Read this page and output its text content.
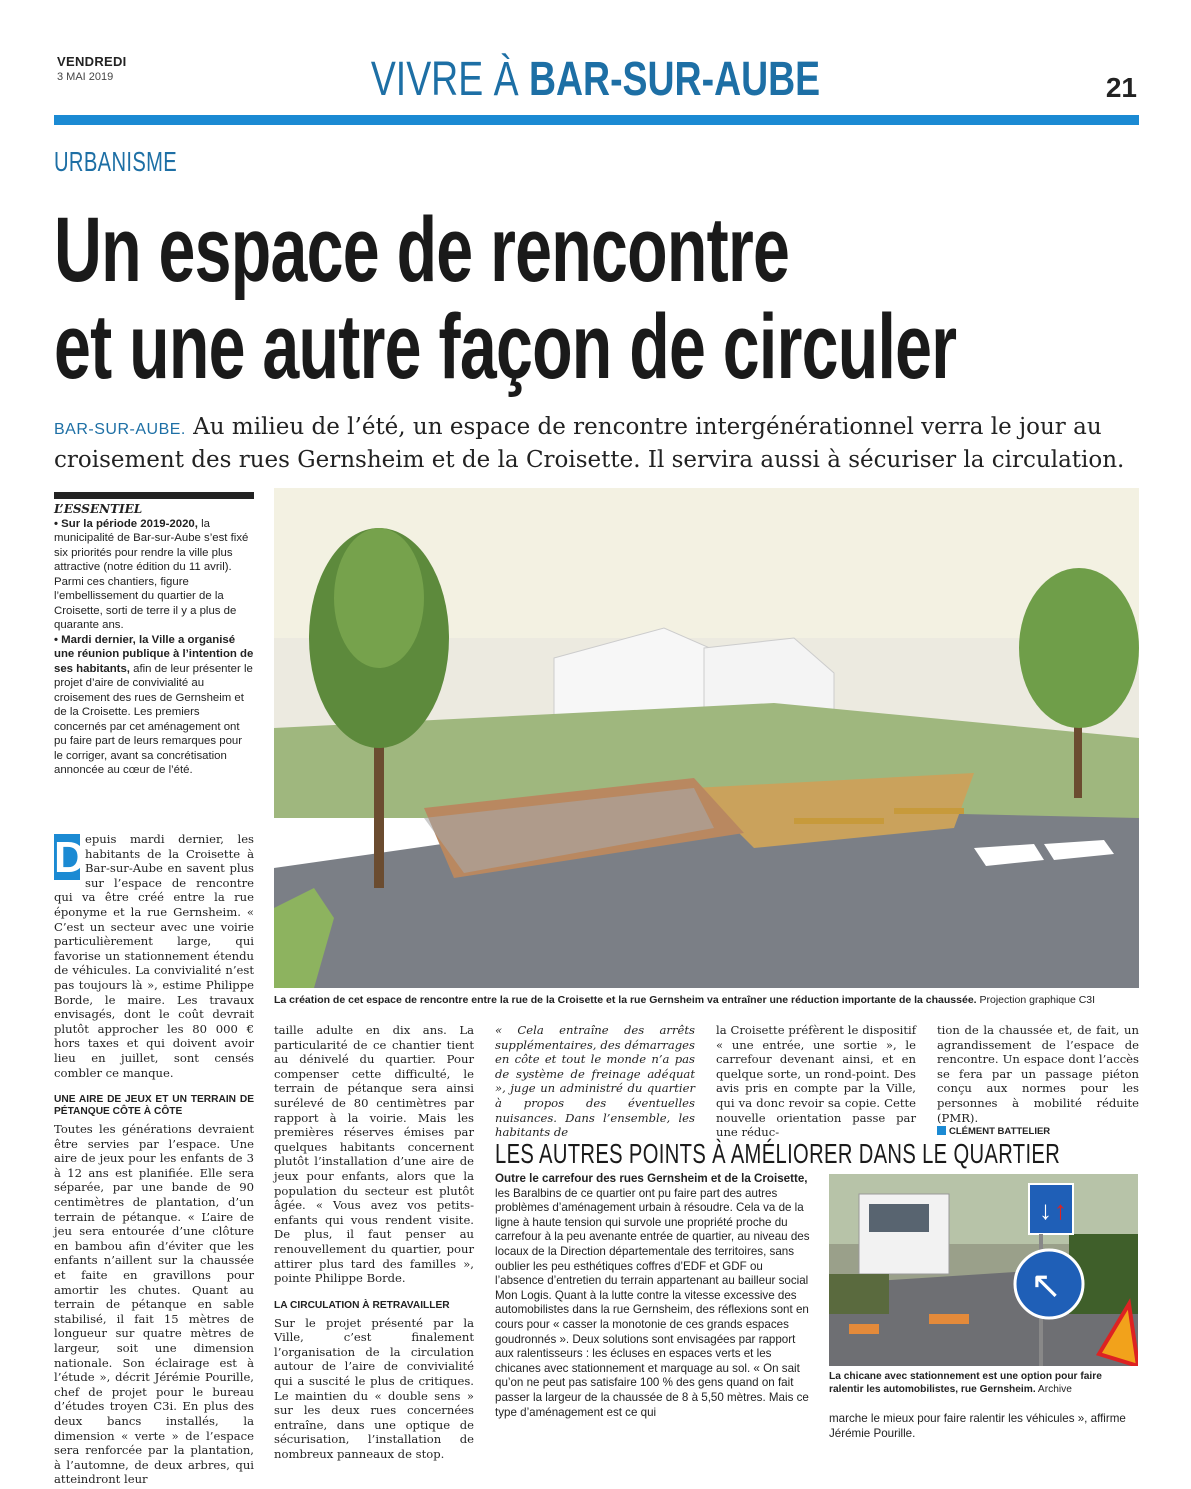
VENDREDI
3 MAI 2019	VIVRE À BAR-SUR-AUBE	21
URBANISME
Un espace de rencontre
et une autre façon de circuler
BAR-SUR-AUBE. Au milieu de l’été, un espace de rencontre intergénérationnel verra le jour au croisement des rues Gernsheim et de la Croisette. Il servira aussi à sécuriser la circulation.
L’ESSENTIEL
• Sur la période 2019-2020, la municipalité de Bar-sur-Aube s’est fixé six priorités pour rendre la ville plus attractive (notre édition du 11 avril). Parmi ces chantiers, figure l’embellissement du quartier de la Croisette, sorti de terre il y a plus de quarante ans.
• Mardi dernier, la Ville a organisé une réunion publique à l’intention de ses habitants, afin de leur présenter le projet d’aire de convivialité au croisement des rues de Gernsheim et de la Croisette. Les premiers concernés par cet aménagement ont pu faire part de leurs remarques pour le corriger, avant sa concrétisation annoncée au cœur de l’été.
D epuis mardi dernier, les habitants de la Croisette à Bar-sur-Aube en savent plus sur l’espace de rencontre qui va être créé entre la rue éponyme et la rue Gernsheim. « C’est un secteur avec une voirie particulièrement large, qui favorise un stationnement étendu de véhicules. La convivialité n’est pas toujours là », estime Philippe Borde, le maire. Les travaux envisagés, dont le coût devrait plutôt approcher les 80 000 € hors taxes et qui doivent avoir lieu en juillet, sont censés combler ce manque.
UNE AIRE DE JEUX ET UN TERRAIN DE PÉTANQUE CÔTE À CÔTE
Toutes les générations devraient être servies par l’espace. Une aire de jeux pour les enfants de 3 à 12 ans est planifiée. Elle sera séparée, par une bande de 90 centimètres de plantation, d’un terrain de pétanque. « L’aire de jeu sera entourée d’une clôture en bambou afin d’éviter que les enfants n’aillent sur la chaussée et faite en gravillons pour amortir les chutes. Quant au terrain de pétanque en sable stabilisé, il fait 15 mètres de longueur sur quatre mètres de largeur, soit une dimension nationale. Son éclairage est à l’étude », décrit Jérémie Pourille, chef de projet pour le bureau d’études troyen C3i. En plus des deux bancs installés, la dimension « verte » de l’espace sera renforcée par la plantation, à l’automne, de deux arbres, qui atteindront leur
La création de cet espace de rencontre entre la rue de la Croisette et la rue Gernsheim va entraîner une réduction importante de la chaussée. Projection graphique C3I
taille adulte en dix ans. La particularité de ce chantier tient au dénivelé du quartier. Pour compenser cette difficulté, le terrain de pétanque sera ainsi surélevé de 80 centimètres par rapport à la voirie. Mais les premières réserves émises par quelques habitants concernent plutôt l’installation d’une aire de jeux pour enfants, alors que la population du secteur est plutôt âgée. « Vous avez vos petits-enfants qui vous rendent visite. De plus, il faut penser au renouvellement du quartier, pour attirer plus tard des familles », pointe Philippe Borde.
LA CIRCULATION À RETRAVAILLER
Sur le projet présenté par la Ville, c’est finalement l’organisation de la circulation autour de l’aire de convivialité qui a suscité le plus de critiques. Le maintien du « double sens » sur les deux rues concernées entraîne, dans une optique de sécurisation, l’installation de nombreux panneaux de stop.
« Cela entraîne des arrêts supplémentaires, des démarrages en côte et tout le monde n’a pas de système de freinage adéquat », juge un administré du quartier à propos des éventuelles nuisances. Dans l’ensemble, les habitants de
la Croisette préfèrent le dispositif « une entrée, une sortie », le carrefour devenant ainsi, et en quelque sorte, un rond-point. Des avis pris en compte par la Ville, qui va donc revoir sa copie. Cette nouvelle orientation passe par une réduc-
tion de la chaussée et, de fait, un agrandissement de l’espace de rencontre. Un espace dont l’accès se fera par un passage piéton conçu aux normes pour les personnes à mobilité réduite (PMR).
CLÉMENT BATTELIER
LES AUTRES POINTS À AMÉLIORER DANS LE QUARTIER
Outre le carrefour des rues Gernsheim et de la Croisette, les Baralbins de ce quartier ont pu faire part des autres problèmes d’aménagement urbain à résoudre. Cela va de la ligne à haute tension qui survole une propriété proche du carrefour à la peu avenante entrée de quartier, au niveau des locaux de la Direction départementale des territoires, sans oublier les peu esthétiques coffres d’EDF et GDF ou l’absence d’entretien du terrain appartenant au bailleur social Mon Logis. Quant à la lutte contre la vitesse excessive des automobilistes dans la rue Gernsheim, des réflexions sont en cours pour « casser la monotonie de ces grands espaces goudronnés ». Deux solutions sont envisagées par rapport aux ralentisseurs : les écluses en espaces verts et les chicanes avec stationnement et marquage au sol. « On sait qu’on ne peut pas satisfaire 100 % des gens quand on fait passer la largeur de la chaussée de 8 à 5,50 mètres. Mais ce type d’aménagement est ce qui
↓ ↑
↖
La chicane avec stationnement est une option pour faire ralentir les automobilistes, rue Gernsheim. Archive
marche le mieux pour faire ralentir les véhicules », affirme Jérémie Pourille.
